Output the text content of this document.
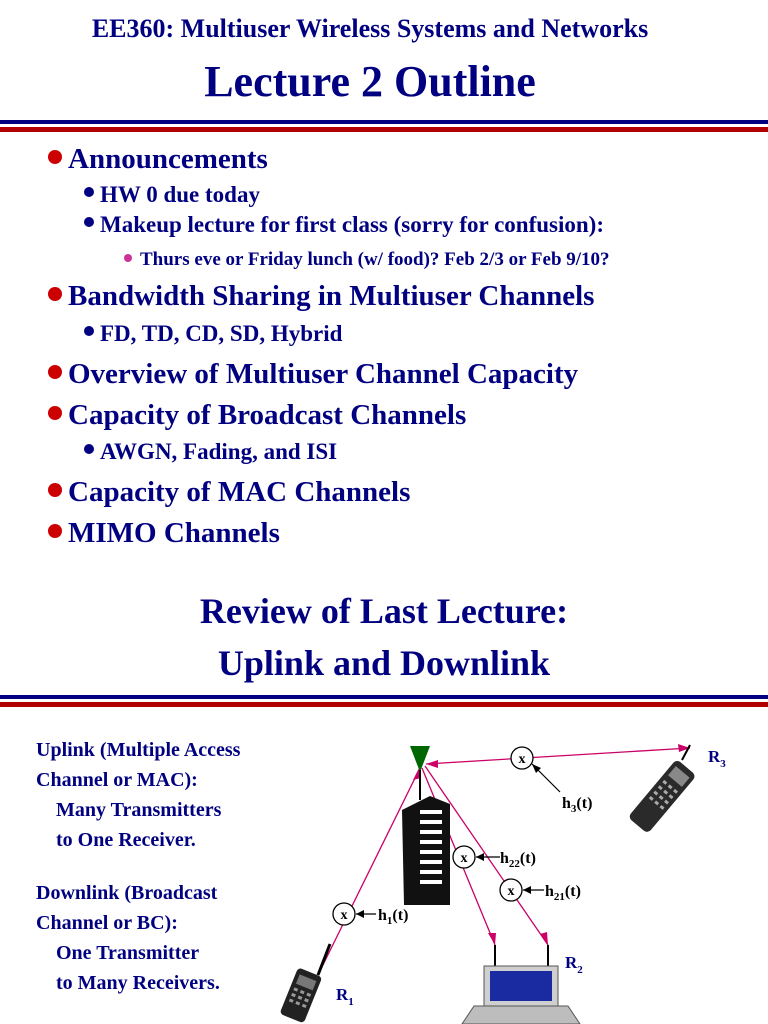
EE360: Multiuser Wireless Systems and Networks
Lecture 2 Outline
Announcements
HW 0 due today
Makeup lecture for first class (sorry for confusion):
Thurs eve or Friday lunch (w/ food)? Feb 2/3 or Feb 9/10?
Bandwidth Sharing in Multiuser Channels
FD, TD, CD, SD, Hybrid
Overview of Multiuser Channel Capacity
Capacity of Broadcast Channels
AWGN, Fading, and ISI
Capacity of MAC Channels
MIMO Channels
Review of Last Lecture:
Uplink and Downlink
Uplink (Multiple Access
Channel or MAC):
Many Transmitters
to One Receiver.
Downlink (Broadcast
Channel or BC):
One Transmitter
to Many Receivers.
x
x
x
x
$h_1(t)$
$h_{22}(t)$
$h_{21}(t)$
$h_3(t)$
$R_1$
$R_2$
$R_3$
